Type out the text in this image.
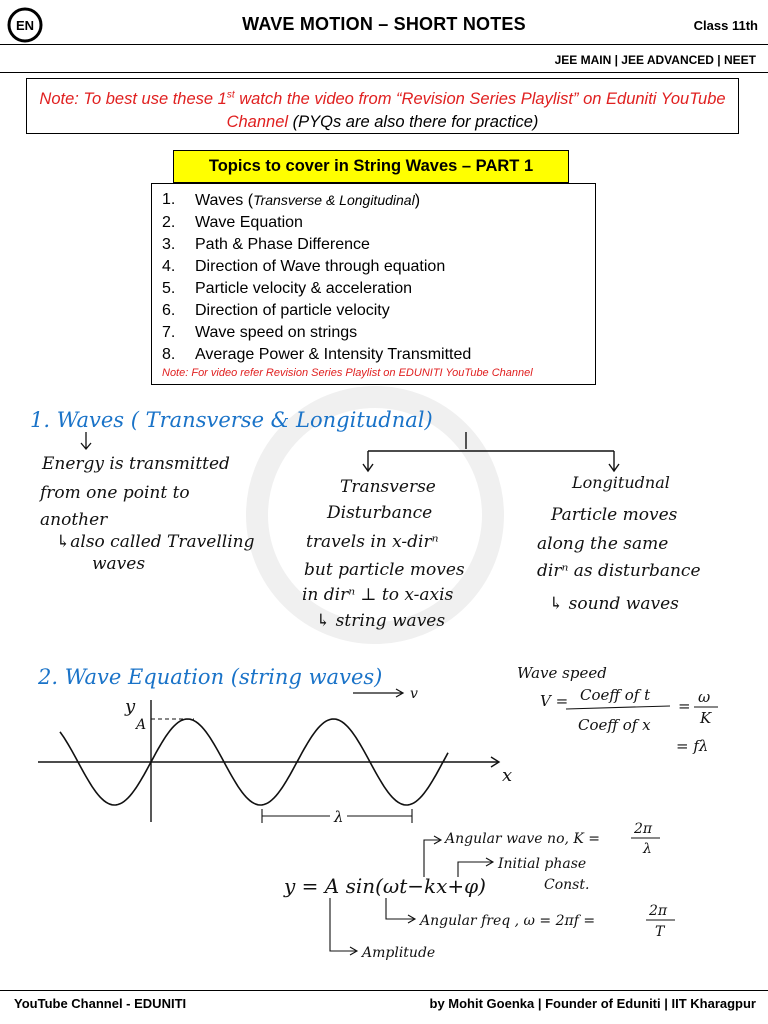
EN	WAVE MOTION – SHORT NOTES	Class 11th
JEE MAIN | JEE ADVANCED | NEET
Note: To best use these 1st watch the video from “Revision Series Playlist” on Eduniti YouTube Channel (PYQs are also there for practice)
Topics to cover in String Waves – PART 1
1.	Waves (Transverse & Longitudinal)
2.	Wave Equation
3.	Path & Phase Difference
4.	Direction of Wave through equation
5.	Particle velocity & acceleration
6.	Direction of particle velocity
7.	Wave speed on strings
8.	Average Power & Intensity Transmitted
Note: For video refer Revision Series Playlist on EDUNITI YouTube Channel
1. Waves ( Transverse & Longitudnal)
Energy is transmitted
from one point to
another
↳also called Travelling
waves
Transverse
Disturbance
travels in x-dirⁿ
but particle moves
in dirⁿ ⊥ to x-axis
↳ string waves
Longitudnal
Particle moves
along the same
dirⁿ as disturbance
↳ sound waves
2. Wave Equation (string waves)
y
A
v
x
λ
Wave speed
V = Coeff of t
Coeff of x
= ω
K
= fλ
y = A sin(ωt−kx+φ)
Angular wave no, K =
2π
λ
Initial phase
Const.
Angular freq , ω = 2πf =
2π
T
Amplitude
YouTube Channel - EDUNITI	by Mohit Goenka | Founder of Eduniti | IIT Kharagpur
